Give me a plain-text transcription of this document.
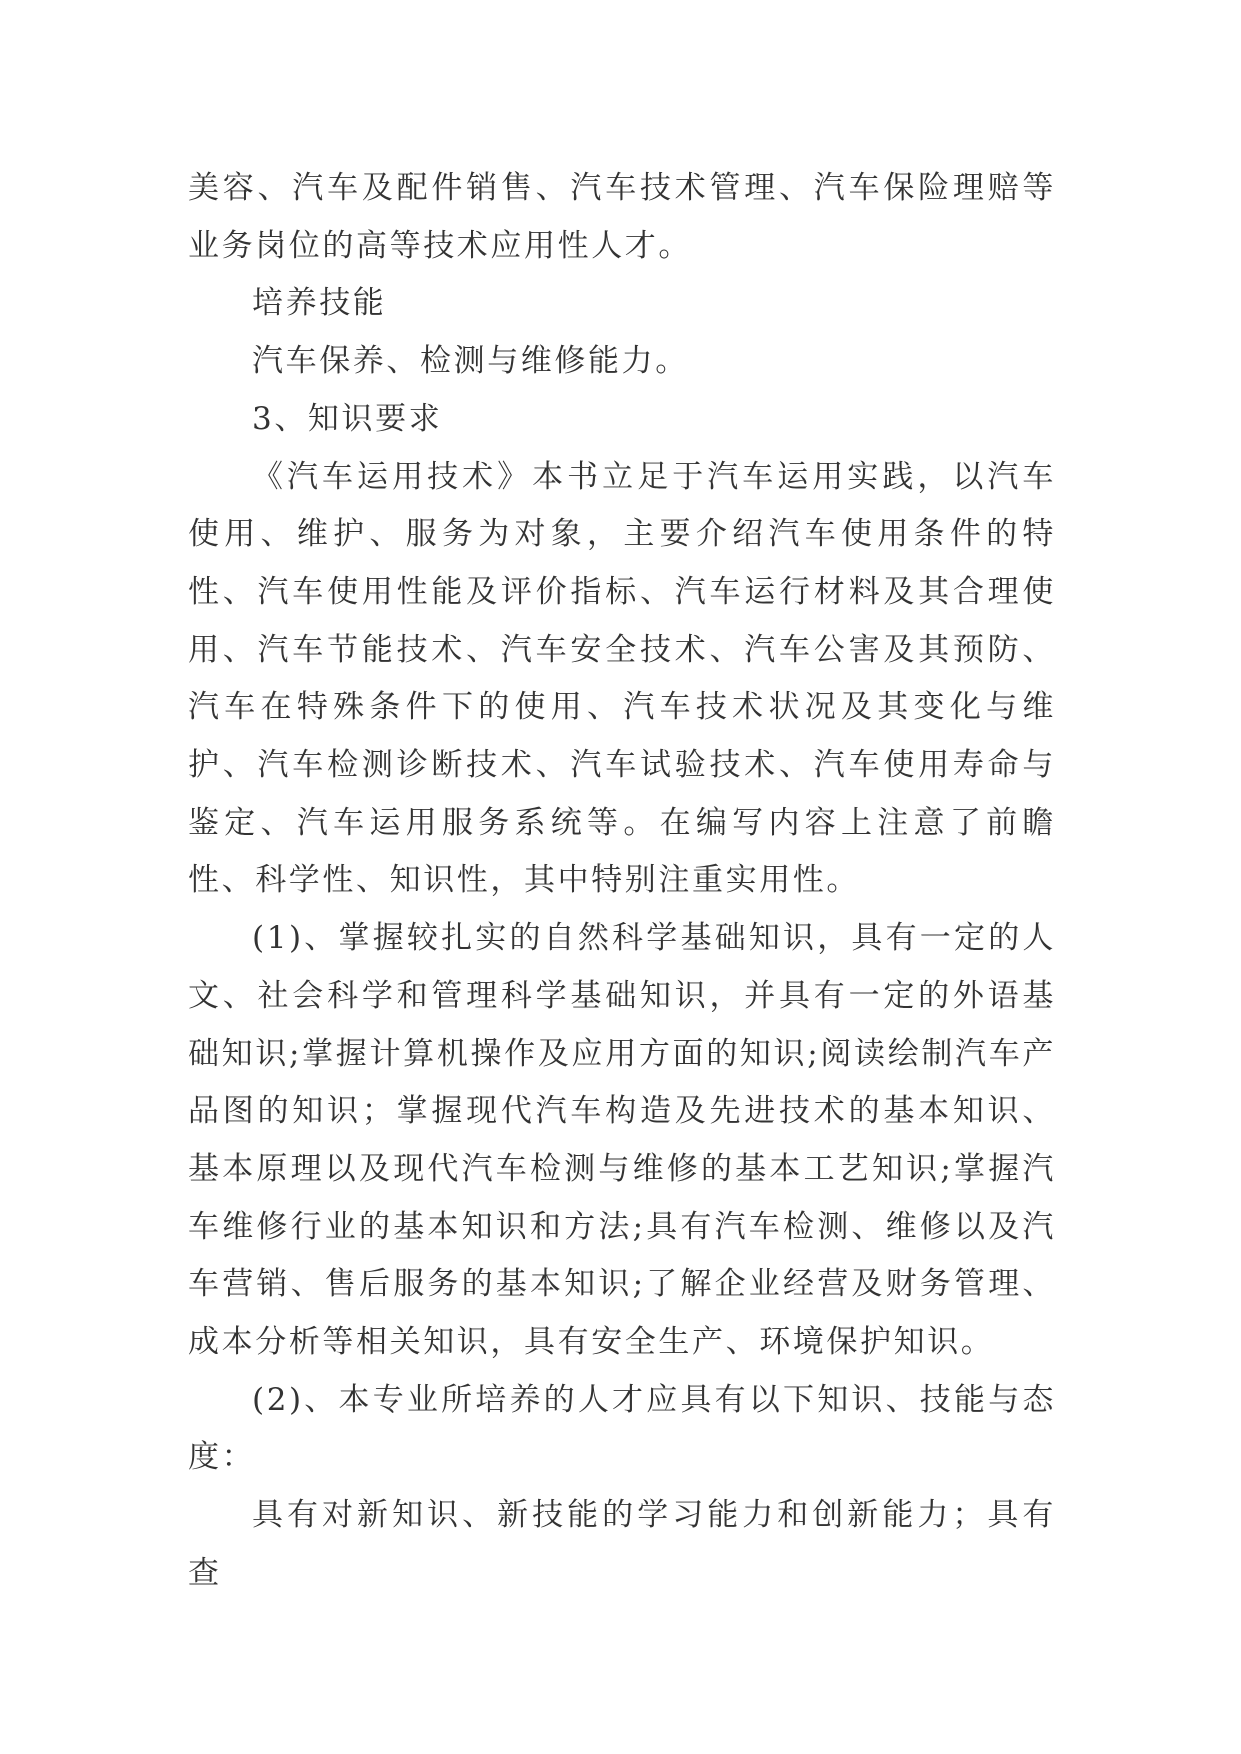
美容、汽车及配件销售、汽车技术管理、汽车保险理赔等业务岗位的高等技术应用性人才。

培养技能

汽车保养、检测与维修能力。

3、知识要求

《汽车运用技术》本书立足于汽车运用实践，以汽车使用、维护、服务为对象，主要介绍汽车使用条件的特性、汽车使用性能及评价指标、汽车运行材料及其合理使用、汽车节能技术、汽车安全技术、汽车公害及其预防、汽车在特殊条件下的使用、汽车技术状况及其变化与维护、汽车检测诊断技术、汽车试验技术、汽车使用寿命与鉴定、汽车运用服务系统等。在编写内容上注意了前瞻性、科学性、知识性，其中特别注重实用性。

(1)、掌握较扎实的自然科学基础知识，具有一定的人文、社会科学和管理科学基础知识，并具有一定的外语基础知识;掌握计算机操作及应用方面的知识;阅读绘制汽车产品图的知识；掌握现代汽车构造及先进技术的基本知识、基本原理以及现代汽车检测与维修的基本工艺知识;掌握汽车维修行业的基本知识和方法;具有汽车检测、维修以及汽车营销、售后服务的基本知识;了解企业经营及财务管理、成本分析等相关知识，具有安全生产、环境保护知识。

(2)、本专业所培养的人才应具有以下知识、技能与态度：

具有对新知识、新技能的学习能力和创新能力；具有查
